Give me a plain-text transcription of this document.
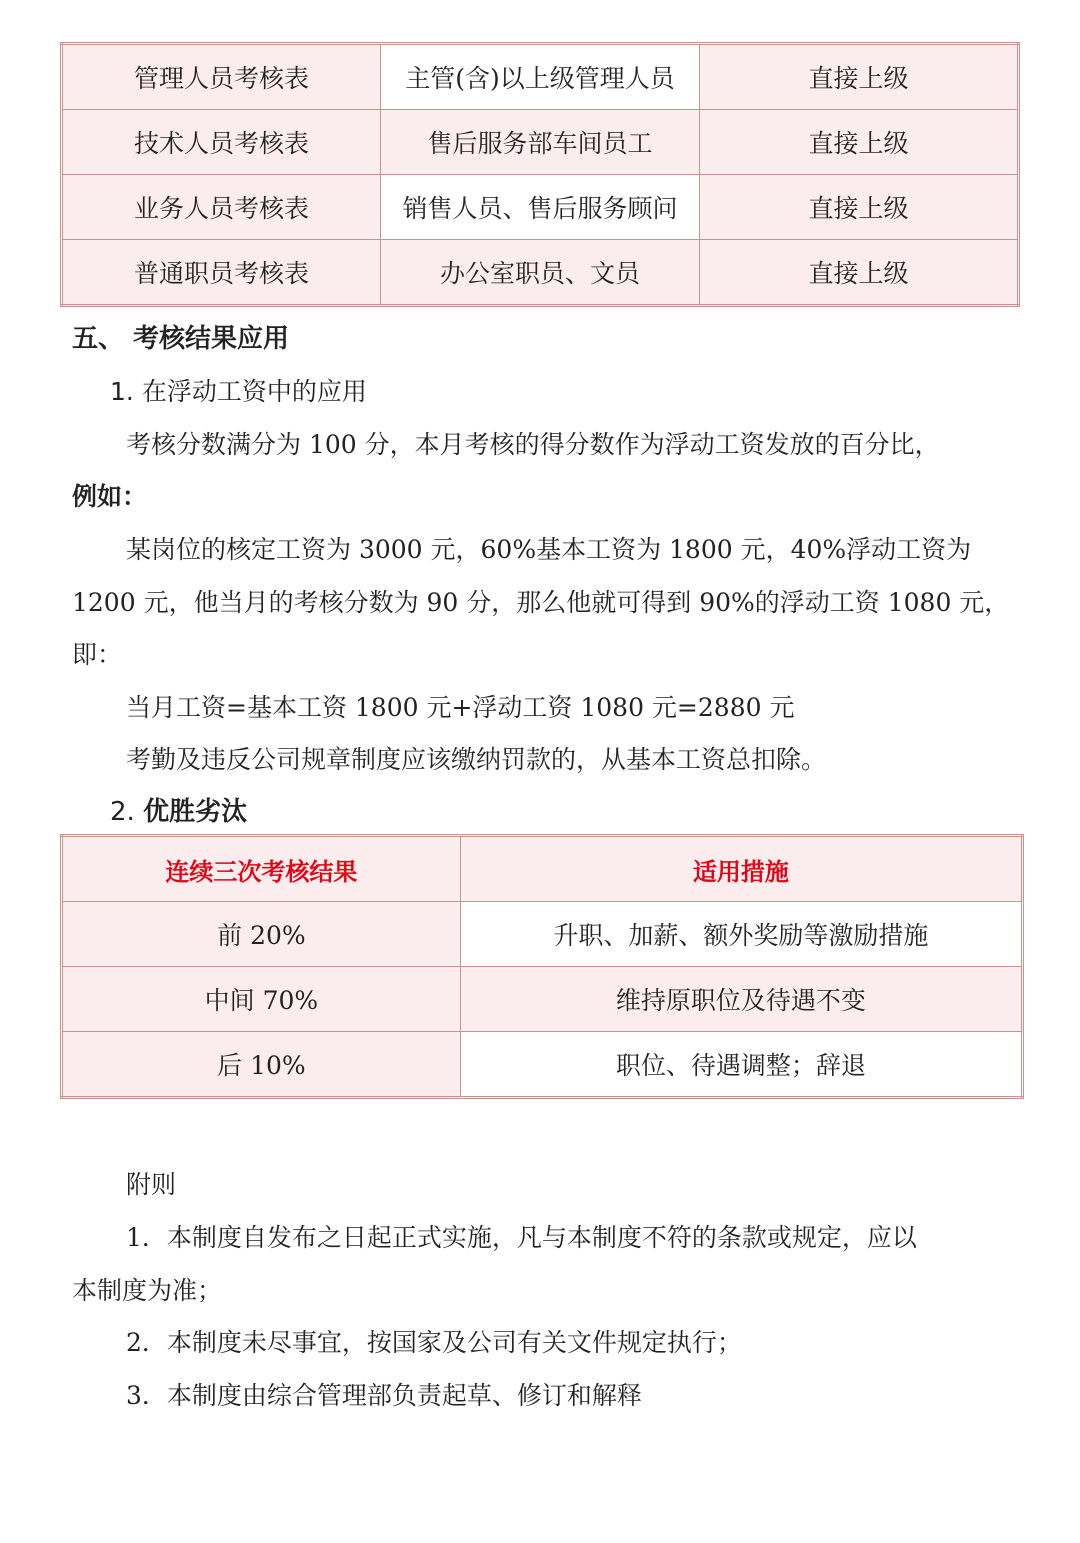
管理人员考核表	主管(含)以上级管理人员	直接上级
技术人员考核表	售后服务部车间员工	直接上级
业务人员考核表	销售人员、售后服务顾问	直接上级
普通职员考核表	办公室职员、文员	直接上级
五、 考核结果应用
1. 在浮动工资中的应用
考核分数满分为 100 分，本月考核的得分数作为浮动工资发放的百分比，
例如：
某岗位的核定工资为 3000 元，60%基本工资为 1800 元，40%浮动工资为
1200 元，他当月的考核分数为 90 分，那么他就可得到 90%的浮动工资 1080 元，
即：
当月工资=基本工资 1800 元+浮动工资 1080 元=2880 元
考勤及违反公司规章制度应该缴纳罚款的，从基本工资总扣除。
2. 优胜劣汰
连续三次考核结果	适用措施
前 20%	升职、加薪、额外奖励等激励措施
中间 70%	维持原职位及待遇不变
后 10%	职位、待遇调整；辞退
附则
1．本制度自发布之日起正式实施，凡与本制度不符的条款或规定，应以
本制度为准；
2．本制度未尽事宜，按国家及公司有关文件规定执行；
3．本制度由综合管理部负责起草、修订和解释
